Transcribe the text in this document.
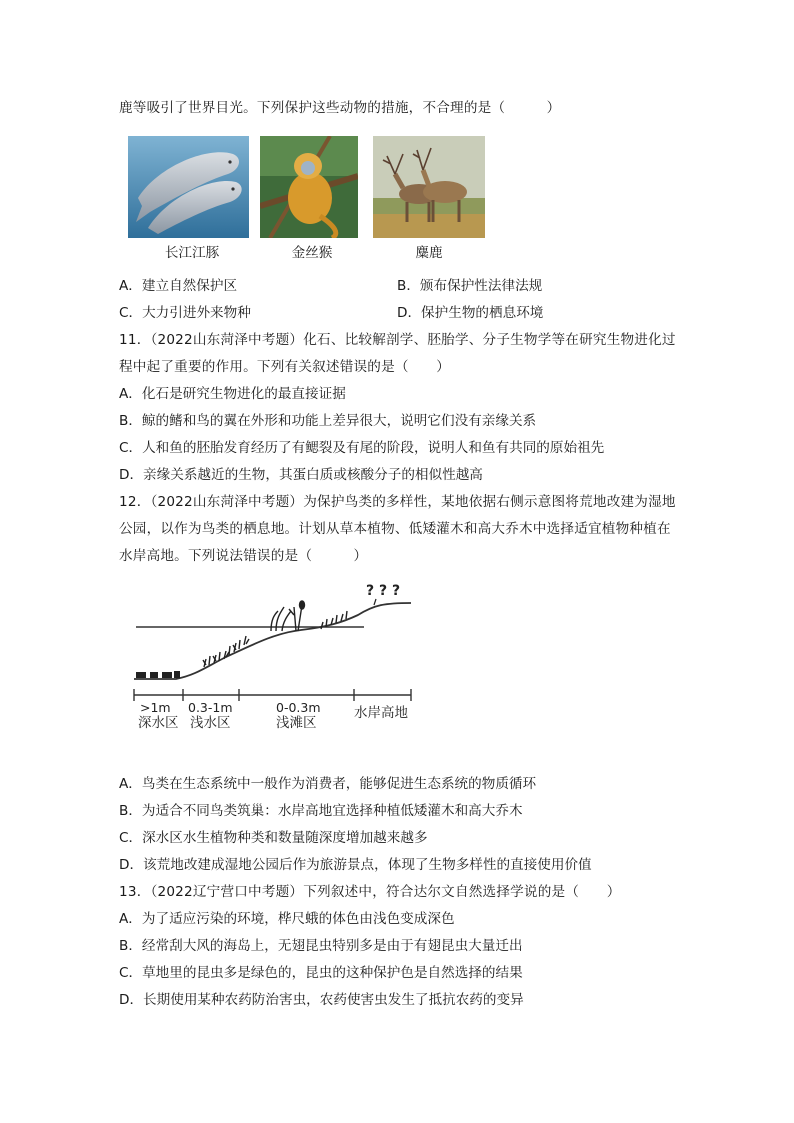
鹿等吸引了世界目光。下列保护这些动物的措施，不合理的是（　　　）
长江江豚	金丝猴	麋鹿
A．建立自然保护区	B．颁布保护性法律法规
C．大力引进外来物种	D．保护生物的栖息环境
11．（2022山东菏泽中考题）化石、比较解剖学、胚胎学、分子生物学等在研究生物进化过
程中起了重要的作用。下列有关叙述错误的是（　　）
A．化石是研究生物进化的最直接证据
B．鲸的鳍和鸟的翼在外形和功能上差异很大，说明它们没有亲缘关系
C．人和鱼的胚胎发育经历了有鳃裂及有尾的阶段，说明人和鱼有共同的原始祖先
D．亲缘关系越近的生物，其蛋白质或核酸分子的相似性越高
12．（2022山东菏泽中考题）为保护鸟类的多样性，某地依据右侧示意图将荒地改建为湿地
公园，以作为鸟类的栖息地。计划从草本植物、低矮灌木和高大乔木中选择适宜植物种植在
水岸高地。下列说法错误的是（　　　）
? ? ?
>1m 0.3-1m	0-0.3m
深水区 浅水区	浅滩区
水岸高地
A．鸟类在生态系统中一般作为消费者，能够促进生态系统的物质循环
B．为适合不同鸟类筑巢：水岸高地宜选择种植低矮灌木和高大乔木
C．深水区水生植物种类和数量随深度增加越来越多
D．该荒地改建成湿地公园后作为旅游景点，体现了生物多样性的直接使用价值
13．（2022辽宁营口中考题）下列叙述中，符合达尔文自然选择学说的是（　　）
A．为了适应污染的环境，桦尺蛾的体色由浅色变成深色
B．经常刮大风的海岛上，无翅昆虫特别多是由于有翅昆虫大量迁出
C．草地里的昆虫多是绿色的，昆虫的这种保护色是自然选择的结果
D．长期使用某种农药防治害虫，农药使害虫发生了抵抗农药的变异
